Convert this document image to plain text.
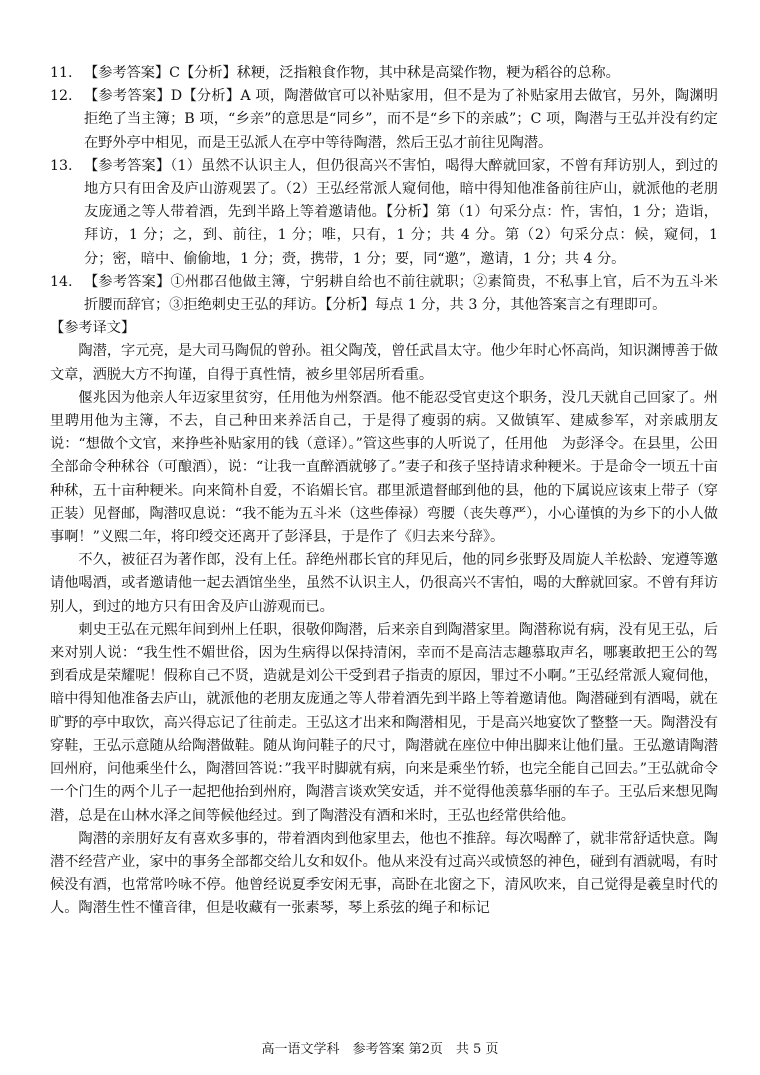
11. 【参考答案】C【分析】秫粳，泛指粮食作物，其中秫是高粱作物，粳为稻谷的总称。
12. 【参考答案】D【分析】A 项，陶潜做官可以补贴家用，但不是为了补贴家用去做官，另外，陶渊明拒绝了当主簿；B 项，“乡亲”的意思是“同乡”，而不是“乡下的亲戚”；C 项，陶潜与王弘并没有约定在野外亭中相见，而是王弘派人在亭中等待陶潜，然后王弘才前往见陶潜。
13. 【参考答案】（1）虽然不认识主人，但仍很高兴不害怕，喝得大醉就回家，不曾有拜访别人，到过的地方只有田舍及庐山游观罢了。（2）王弘经常派人窥伺他，暗中得知他准备前往庐山，就派他的老朋友庞通之等人带着酒，先到半路上等着邀请他。【分析】第（1）句采分点：忤，害怕，1 分；造诣，拜访，1 分；之，到、前往，1 分；唯，只有，1 分；共 4 分。第（2）句采分点：候，窥伺，1 分；密，暗中、偷偷地，1 分；赍，携带，1 分；要，同“邀”，邀请，1 分；共 4 分。
14. 【参考答案】①州郡召他做主簿，宁躬耕自给也不前往就职；②素简贵，不私事上官，后不为五斗米折腰而辞官；③拒绝刺史王弘的拜访。【分析】每点 1 分，共 3 分，其他答案言之有理即可。
【参考译文】

陶潜，字元亮，是大司马陶侃的曾孙。祖父陶茂，曾任武昌太守。他少年时心怀高尚，知识渊博善于做文章，洒脱大方不拘谨，自得于真性情，被乡里邻居所看重。

偃兆因为他亲人年迈家里贫穷，任用他为州祭酒。他不能忍受官吏这个职务，没几天就自己回家了。州里聘用他为主簿，不去，自己种田来养活自己，于是得了瘦弱的病。又做镇军、建威参军，对亲戚朋友说：“想做个文官，来挣些补贴家用的钱（意译）。”管这些事的人听说了，任用他　为彭泽令。在县里，公田全部命令种秫谷（可酿酒），说：“让我一直醉酒就够了。”妻子和孩子坚持请求种粳米。于是命令一顷五十亩种秫，五十亩种粳米。向来简朴自爱，不谄媚长官。郡里派遣督邮到他的县，他的下属说应该束上带子（穿正装）见督邮，陶潜叹息说：“我不能为五斗米（这些俸禄）弯腰（丧失尊严），小心谨慎的为乡下的小人做事啊！”义熙二年，将印绶交还离开了彭泽县，于是作了《归去来兮辞》。

不久，被征召为著作郎，没有上任。辞绝州郡长官的拜见后，他的同乡张野及周旋人羊松龄、宠遵等邀请他喝酒，或者邀请他一起去酒馆坐坐，虽然不认识主人，仍很高兴不害怕，喝的大醉就回家。不曾有拜访别人，到过的地方只有田舍及庐山游观而已。

刺史王弘在元熙年间到州上任职，很敬仰陶潜，后来亲自到陶潜家里。陶潜称说有病，没有见王弘，后来对别人说：“我生性不媚世俗，因为生病得以保持清闲，幸而不是高洁志趣慕取声名，哪裹敢把王公的驾到看成是荣耀呢！假称自己不贤，造就是刘公干受到君子指责的原因，罪过不小啊。”王弘经常派人窥伺他，暗中得知他准备去庐山，就派他的老朋友庞通之等人带着酒先到半路上等着邀请他。陶潜碰到有酒喝，就在旷野的亭中取饮，高兴得忘记了往前走。王弘这才出来和陶潜相见，于是高兴地宴饮了整整一天。陶潜没有穿鞋，王弘示意随从给陶潜做鞋。随从询问鞋子的尺寸，陶潜就在座位中伸出脚来让他们量。王弘邀请陶潜回州府，问他乘坐什么，陶潜回答说：”我平时脚就有病，向来是乘坐竹轿，也完全能自己回去。”王弘就命令一个门生的两个儿子一起把他抬到州府，陶潜言谈欢笑安适，并不觉得他羡慕华丽的车子。王弘后来想见陶潜，总是在山林水泽之间等候他经过。到了陶潜没有酒和米时，王弘也经常供给他。

陶潜的亲朋好友有喜欢多事的，带着酒肉到他家里去，他也不推辞。每次喝醉了，就非常舒适快意。陶潜不经营产业，家中的事务全部都交给儿女和奴仆。他从来没有过高兴或愤怒的神色，碰到有酒就喝，有时候没有酒，也常常吟咏不停。他曾经说夏季安闲无事，高卧在北窗之下，清风吹来，自己觉得是羲皇时代的人。陶潜生性不懂音律，但是收藏有一张素琴，琴上系弦的绳子和标记

高一语文学科　参考答案 第2页　共 5 页
